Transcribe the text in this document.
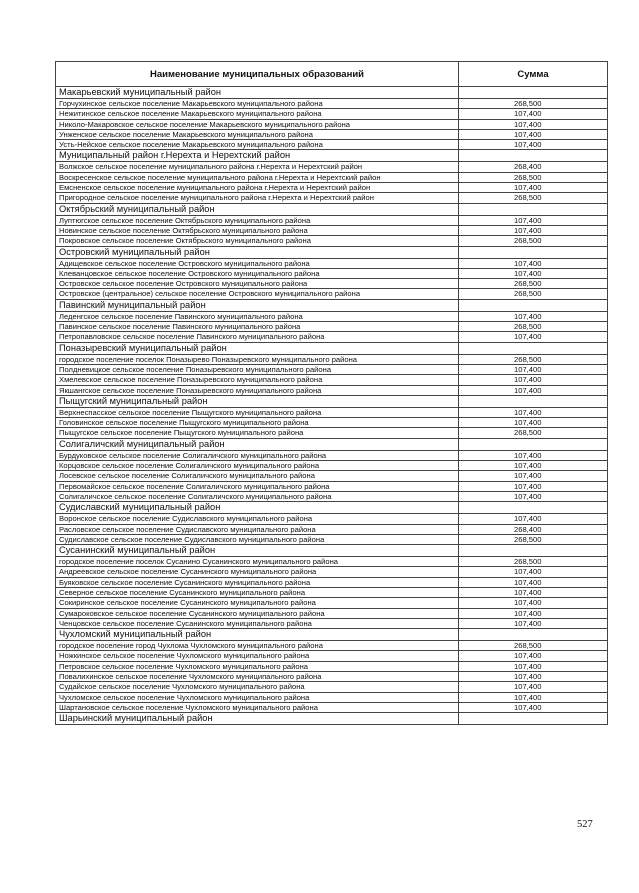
Наименование муниципальных образований	Сумма
Макарьевский муниципальный район	
Горчухинское сельское поселение Макарьевского муниципального района	268,500
Нежитинское сельское поселение Макарьевского муниципального района	107,400
Николо-Макаровское сельское поселение Макарьевского муниципального района	107,400
Унженское сельское поселение Макарьевского муниципального района	107,400
Усть-Нейское сельское поселение Макарьевского муниципального района	107,400
Муниципальный район г.Нерехта и Нерехтский район	
Волжское сельское поселение муниципального района г.Нерехта и Нерехтский район	268,400
Воскресенское сельское поселение муниципального района г.Нерехта и Нерехтский район	268,500
Емсненское сельское поселение муниципального района г.Нерехта и Нерехтский район	107,400
Пригородное сельское поселение муниципального района г.Нерехта и Нерехтский район	268,500
Октябрьский муниципальный район	
Луптюгское сельское поселение Октябрьского муниципального района	107,400
Новинское сельское поселение Октябрьского муниципального района	107,400
Покровское сельское поселение Октябрьского муниципального района	268,500
Островский муниципальный район	
Адищевское сельское поселение Островского муниципального района	107,400
Клеванцовское сельское поселение Островского муниципального района	107,400
Островское сельское поселение Островского муниципального района	268,500
Островское (центральное) сельское поселение Островского муниципального района	268,500
Павинский муниципальный район	
Леденгское сельское поселение Павинского муниципального района	107,400
Павинское сельское поселение Павинского муниципального района	268,500
Петропавловское сельское поселение Павинского муниципального района	107,400
Поназыревский муниципальный район	
городское поселение поселок Поназырево Поназыревского муниципального района	268,500
Полдневицкое сельское поселение Поназыревского муниципального района	107,400
Хмелевское сельское поселение Поназыревского муниципального района	107,400
Якшангское сельское поселение Поназыревского муниципального района	107,400
Пыщугский муниципальный район	
Верхнеспасское сельское поселение Пыщугского муниципального района	107,400
Головинское сельское поселение Пыщугского муниципального района	107,400
Пыщугское сельское поселение Пыщугского муниципального района	268,500
Солигаличский муниципальный район	
Бурдуковское сельское поселение Солигаличского муниципального района	107,400
Корцовское сельское поселение Солигаличского муниципального района	107,400
Лосевское сельское поселение Солигаличского муниципального района	107,400
Первомайское сельское поселение Солигаличского муниципального района	107,400
Солигаличское сельское поселение Солигаличского муниципального района	107,400
Судиславский муниципальный район	
Воронское сельское поселение Судиславского муниципального района	107,400
Расловское сельское поселение Судиславского муниципального района	268,400
Судиславское сельское поселение Судиславского муниципального района	268,500
Сусанинский муниципальный район	
городское поселение поселок Сусанино Сусанинского муниципального района	268,500
Андреевское сельское поселение Сусанинского муниципального района	107,400
Буяковское сельское поселение Сусанинского муниципального района	107,400
Северное сельское поселение Сусанинского муниципального района	107,400
Сокиринское сельское поселение Сусанинского муниципального района	107,400
Сумароковское сельское поселение Сусанинского муниципального района	107,400
Ченцовское сельское поселение Сусанинского муниципального района	107,400
Чухломский муниципальный район	
городское поселение город Чухлома Чухломского муниципального района	268,500
Ножкинское сельское поселение Чухломского муниципального района	107,400
Петровское сельское поселение Чухломского муниципального района	107,400
Повалихинское сельское поселение Чухломского муниципального района	107,400
Судайское сельское поселение Чухломского муниципального района	107,400
Чухломское сельское поселение Чухломского муниципального района	107,400
Шартановское сельское поселение Чухломского муниципального района	107,400
Шарьинский муниципальный район	
527
